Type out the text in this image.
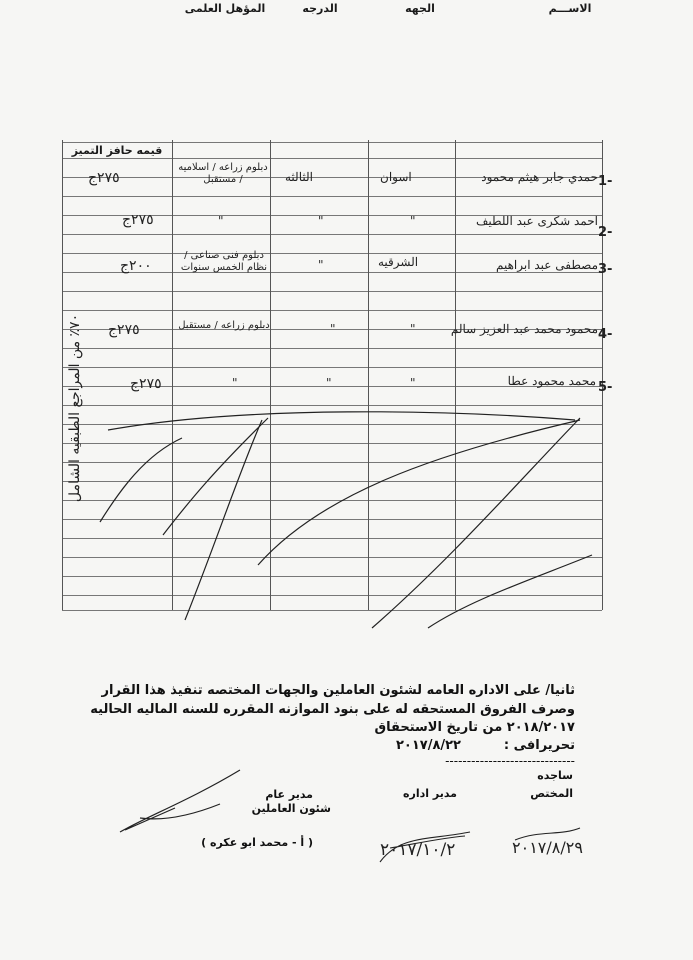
الاســـم
الجهه
الدرجه
المؤهل العلمى
قيمه حافز التميز
1-
حمدي جابر هيثم محمود
اسوان
الثالثه
دبلوم زراعه / اسلاميه / مستقبل
٢٧٥ج
2-
احمد شكرى عبد اللطيف
"
"
"
٢٧٥ج
3-
مصطفى عبد ابراهيم
الشرقيه
"
دبلوم فنى صناعى / نظام الخمس سنوات
٢٠٠ج
4-
محمود محمد عبد العزيز سالم
"
"
دبلوم زراعه / مستقبل
٢٧٥ج
5-
محمد محمود عطا
"
"
"
٢٧٥ج
٧٠٪ من المراجع الطبقيه الشامل
ثانيا/ على الاداره العامه لشئون العاملين والجهات المختصه تنفيذ هذا القرار
وصرف الفروق المستحقه له على بنود الموازنه المقرره للسنه الماليه الحاليه
٢٠١٨/٢٠١٧ من تاريخ الاستحقاق
تحريرافى :
٢٠١٧/٨/٢٢
------------------------------
ساجده
المختص
مدير اداره
مدير عام
شئون العاملين
( أ - محمد ابو عكره )	٢٠١٧/١٠/٢	٢٠١٧/٨/٢٩
